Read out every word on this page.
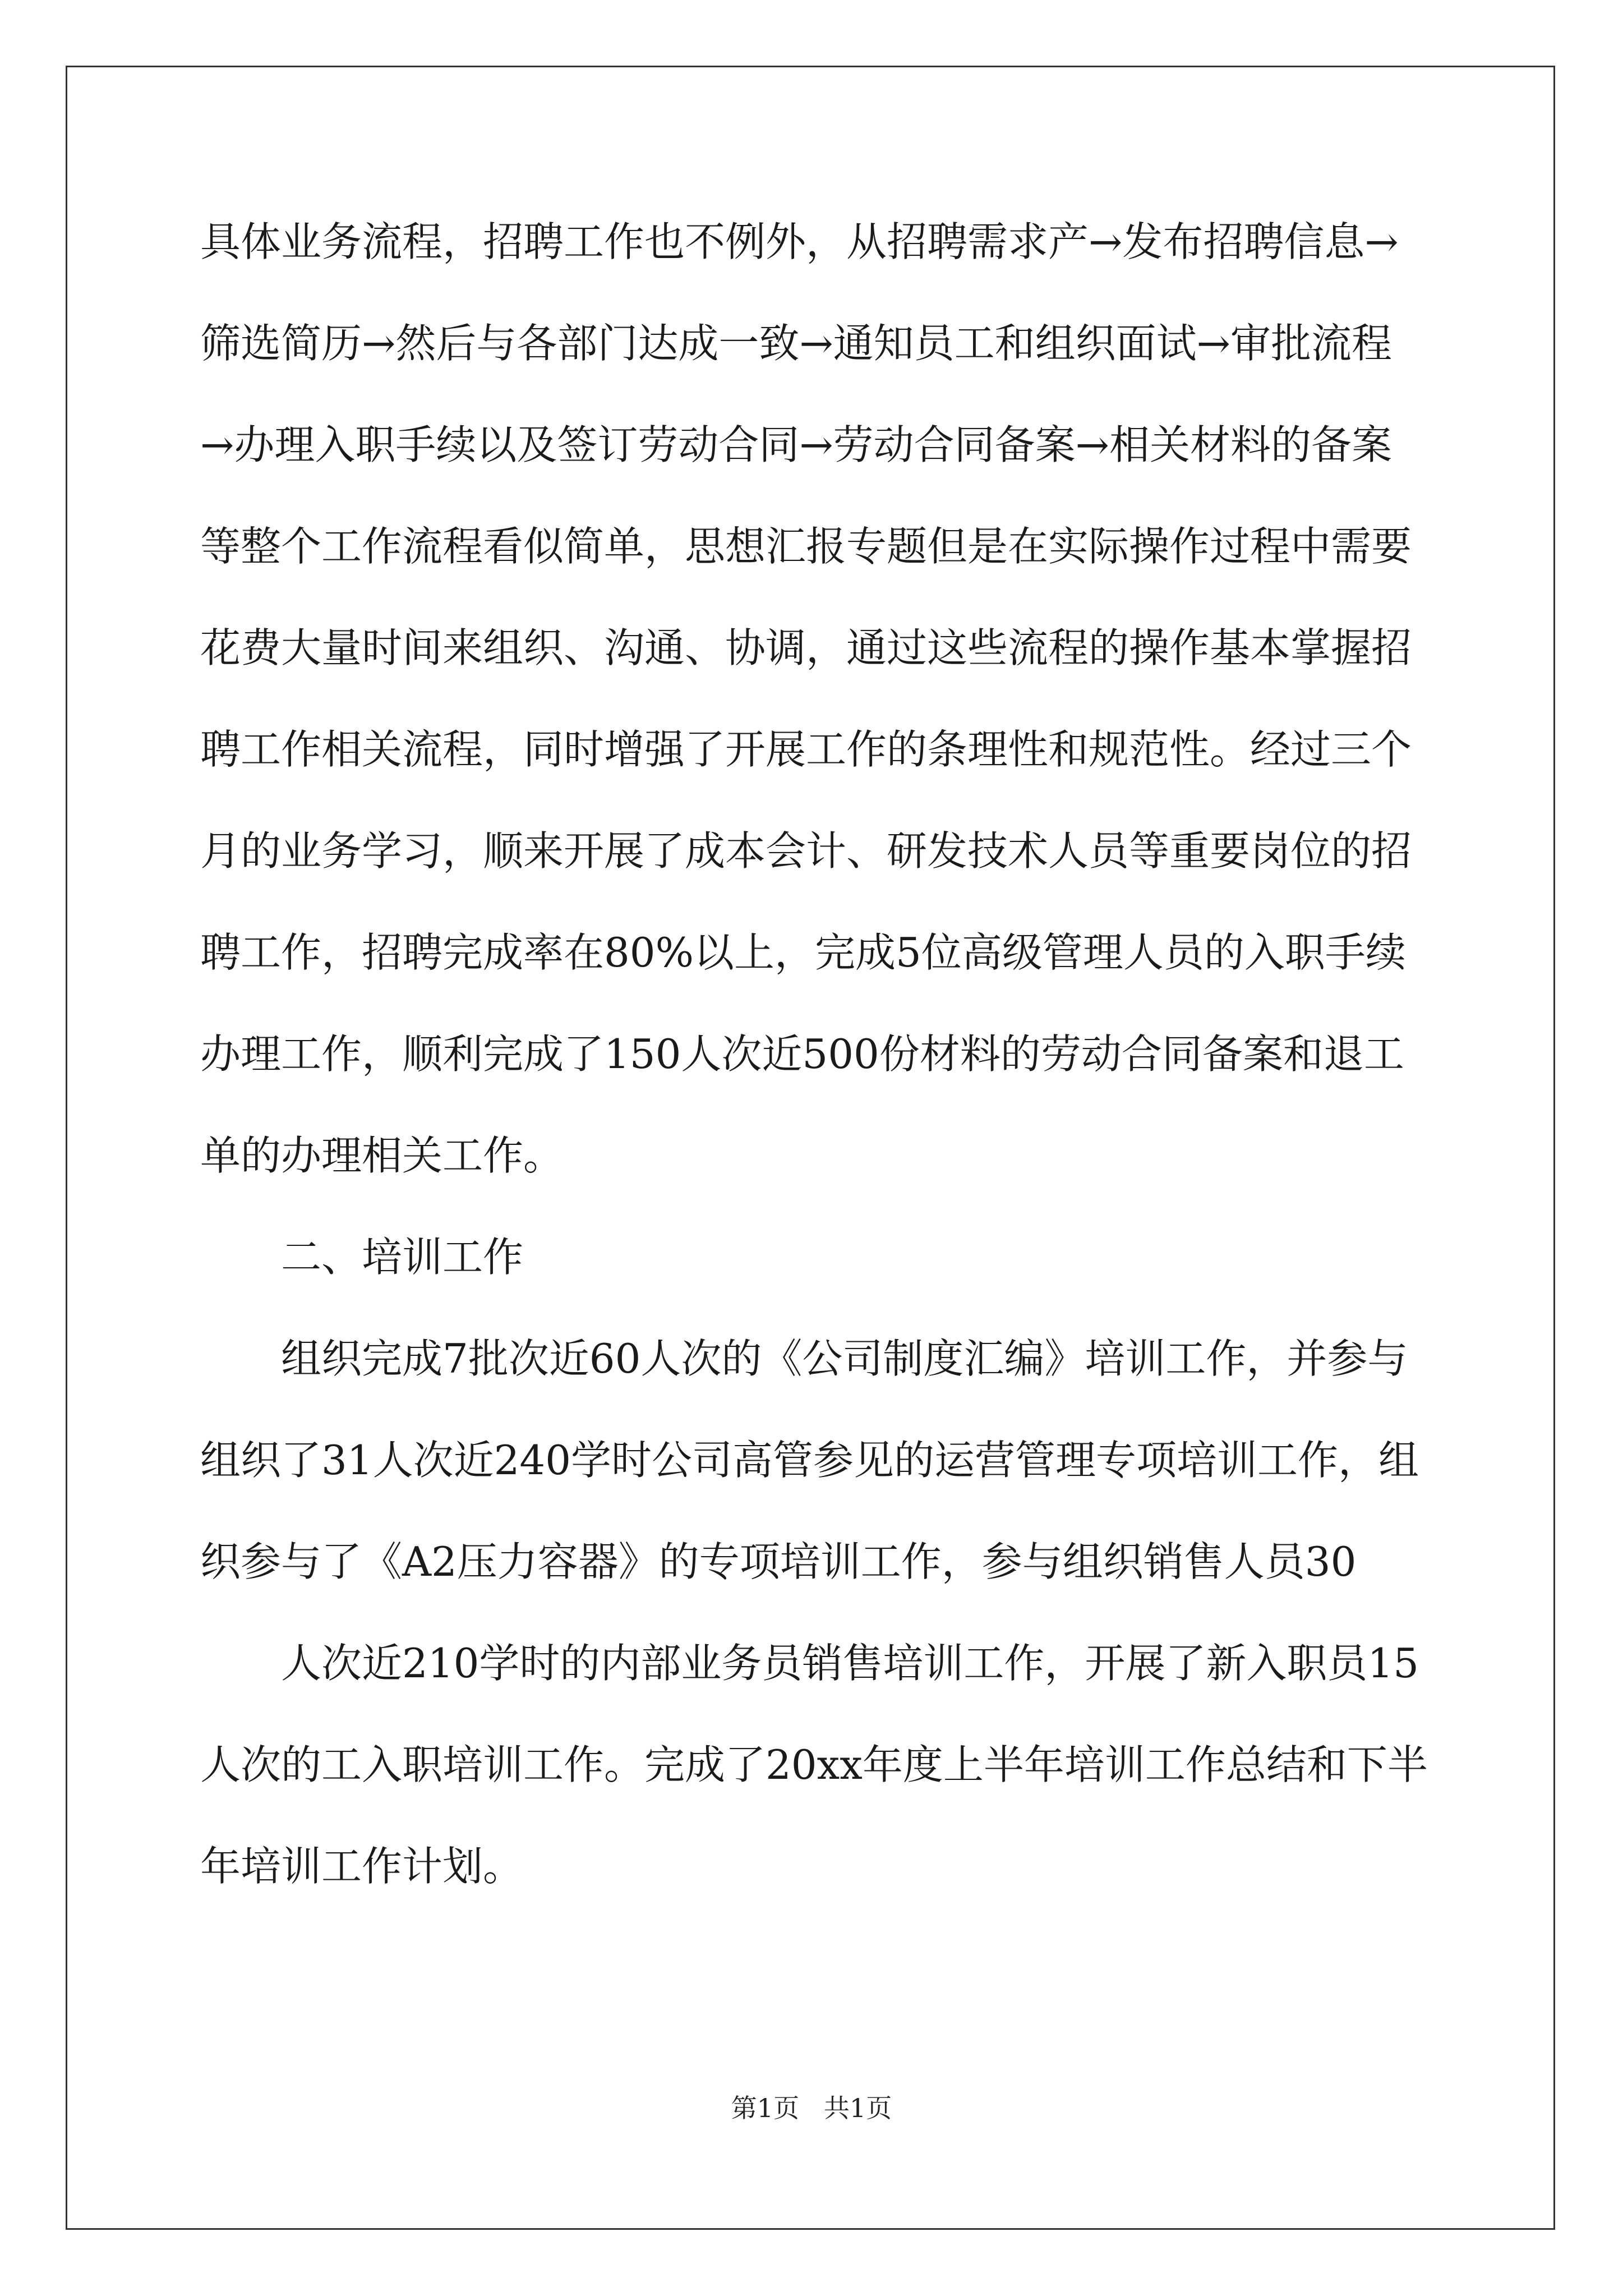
具体业务流程，招聘工作也不例外，从招聘需求产→发布招聘信息→
筛选简历→然后与各部门达成一致→通知员工和组织面试→审批流程
→办理入职手续以及签订劳动合同→劳动合同备案→相关材料的备案
等整个工作流程看似简单，思想汇报专题但是在实际操作过程中需要
花费大量时间来组织、沟通、协调，通过这些流程的操作基本掌握招
聘工作相关流程，同时增强了开展工作的条理性和规范性。经过三个
月的业务学习，顺来开展了成本会计、研发技术人员等重要岗位的招
聘工作，招聘完成率在80%以上，完成5位高级管理人员的入职手续
办理工作，顺利完成了150人次近500份材料的劳动合同备案和退工
单的办理相关工作。
二、培训工作
组织完成7批次近60人次的《公司制度汇编》培训工作，并参与
组织了31人次近240学时公司高管参见的运营管理专项培训工作，组
织参与了《A2压力容器》的专项培训工作，参与组织销售人员30
人次近210学时的内部业务员销售培训工作，开展了新入职员15
人次的工入职培训工作。完成了20xx年度上半年培训工作总结和下半
年培训工作计划。
第1页   共1页
